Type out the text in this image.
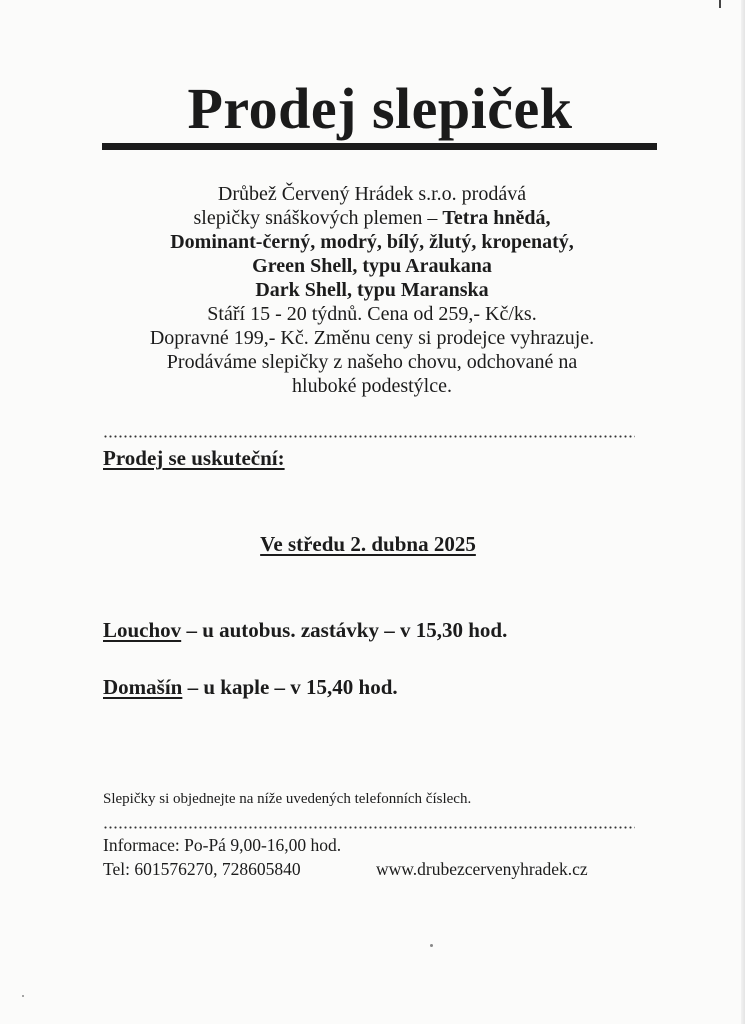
Prodej slepiček
Drůbež Červený Hrádek s.r.o. prodává
slepičky snáškových plemen – Tetra hnědá,
Dominant-černý, modrý, bílý, žlutý, kropenatý,
Green Shell, typu Araukana
Dark Shell, typu Maranska
Stáří 15 - 20 týdnů. Cena od 259,- Kč/ks.
Dopravné 199,- Kč. Změnu ceny si prodejce vyhrazuje.
Prodáváme slepičky z našeho chovu, odchované na
hluboké podestýlce.
Prodej se uskuteční:
Ve středu 2. dubna 2025
Louchov – u autobus. zastávky – v 15,30 hod.
Domašín – u kaple – v 15,40 hod.
Slepičky si objednejte na níže uvedených telefonních číslech.
Informace: Po-Pá 9,00-16,00 hod.
Tel: 601576270, 728605840	www.drubezcervenyhradek.cz
